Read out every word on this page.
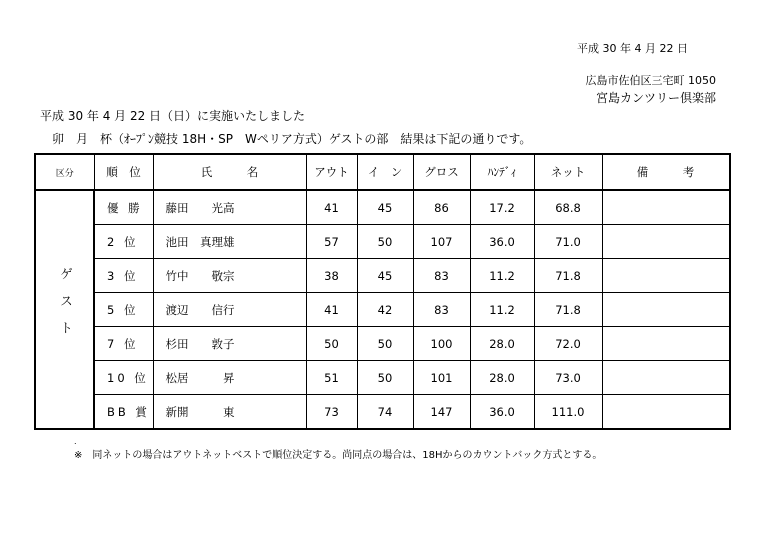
平成 30 年 4 月 22 日
広島市佐伯区三宅町 1050
宮島カンツリー倶楽部
平成 30 年 4 月 22 日（日）に実施いたしました
卯　月　杯（ｵｰﾌﾟﾝ競技 18H・SP　Wペリア方式）ゲストの部　結果は下記の通りです。
区分	順　位	氏　　　名	アウト	イ　ン	グロス	ﾊﾝﾃﾞｨ	ネット	備　　　考
ゲスト	優 勝	藤田　　光高	41	45	86	17.2	68.8	
	2 位	池田　真理雄	57	50	107	36.0	71.0	
	3 位	竹中　　敬宗	38	45	83	11.2	71.8	
	5 位	渡辺　　信行	41	42	83	11.2	71.8	
	7 位	杉田　　敦子	50	50	100	28.0	72.0	
	10 位	松居　　　昇	51	50	101	28.0	73.0	
	BB 賞	新開　　　東	73	74	147	36.0	111.0	
.
※　同ネットの場合はアウトネットベストで順位決定する。尚同点の場合は、18Hからのカウントバック方式とする。
